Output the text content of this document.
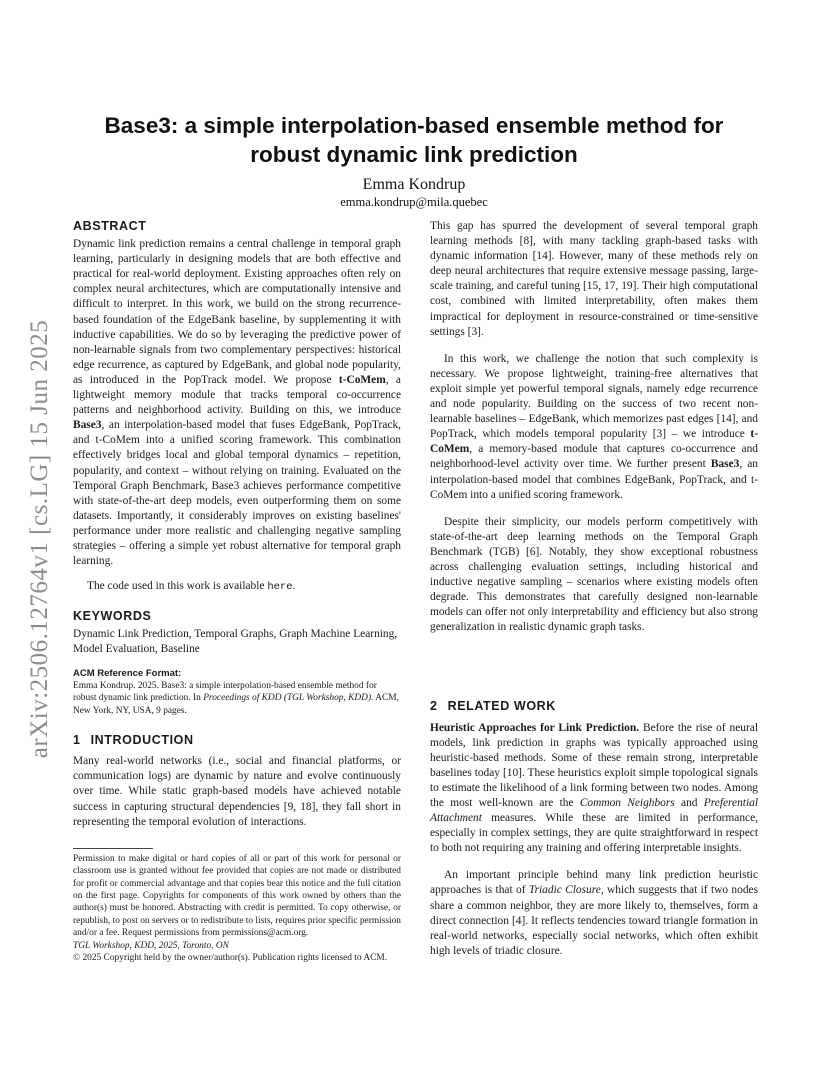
arXiv:2506.12764v1 [cs.LG] 15 Jun 2025
Base3: a simple interpolation-based ensemble method for robust dynamic link prediction
Emma Kondrup
emma.kondrup@mila.quebec
ABSTRACT

Dynamic link prediction remains a central challenge in temporal graph learning, particularly in designing models that are both effective and practical for real-world deployment. Existing approaches often rely on complex neural architectures, which are computationally intensive and difficult to interpret. In this work, we build on the strong recurrence-based foundation of the EdgeBank baseline, by supplementing it with inductive capabilities. We do so by leveraging the predictive power of non-learnable signals from two complementary perspectives: historical edge recurrence, as captured by EdgeBank, and global node popularity, as introduced in the PopTrack model. We propose t-CoMem, a lightweight memory module that tracks temporal co-occurrence patterns and neighborhood activity. Building on this, we introduce Base3, an interpolation-based model that fuses EdgeBank, PopTrack, and t-CoMem into a unified scoring framework. This combination effectively bridges local and global temporal dynamics – repetition, popularity, and context – without relying on training. Evaluated on the Temporal Graph Benchmark, Base3 achieves performance competitive with state-of-the-art deep models, even outperforming them on some datasets. Importantly, it considerably improves on existing baselines' performance under more realistic and challenging negative sampling strategies – offering a simple yet robust alternative for temporal graph learning.

The code used in this work is available here.

KEYWORDS

Dynamic Link Prediction, Temporal Graphs, Graph Machine Learning, Model Evaluation, Baseline

ACM Reference Format:

Emma Kondrup. 2025. Base3: a simple interpolation-based ensemble method for robust dynamic link prediction. In Proceedings of KDD (TGL Workshop, KDD). ACM, New York, NY, USA, 9 pages.

1 INTRODUCTION

Many real-world networks (i.e., social and financial platforms, or communication logs) are dynamic by nature and evolve continuously over time. While static graph-based models have achieved notable success in capturing structural dependencies [9, 18], they fall short in representing the temporal evolution of interactions.

Permission to make digital or hard copies of all or part of this work for personal or classroom use is granted without fee provided that copies are not made or distributed for profit or commercial advantage and that copies bear this notice and the full citation on the first page. Copyrights for components of this work owned by others than the author(s) must be honored. Abstracting with credit is permitted. To copy otherwise, or republish, to post on servers or to redistribute to lists, requires prior specific permission and/or a fee. Request permissions from permissions@acm.org.

TGL Workshop, KDD, 2025, Toronto, ON

© 2025 Copyright held by the owner/author(s). Publication rights licensed to ACM.

This gap has spurred the development of several temporal graph learning methods [8], with many tackling graph-based tasks with dynamic information [14]. However, many of these methods rely on deep neural architectures that require extensive message passing, large-scale training, and careful tuning [15, 17, 19]. Their high computational cost, combined with limited interpretability, often makes them impractical for deployment in resource-constrained or time-sensitive settings [3].

In this work, we challenge the notion that such complexity is necessary. We propose lightweight, training-free alternatives that exploit simple yet powerful temporal signals, namely edge recurrence and node popularity. Building on the success of two recent non-learnable baselines – EdgeBank, which memorizes past edges [14], and PopTrack, which models temporal popularity [3] – we introduce t-CoMem, a memory-based module that captures co-occurrence and neighborhood-level activity over time. We further present Base3, an interpolation-based model that combines EdgeBank, PopTrack, and t-CoMem into a unified scoring framework.

Despite their simplicity, our models perform competitively with state-of-the-art deep learning methods on the Temporal Graph Benchmark (TGB) [6]. Notably, they show exceptional robustness across challenging evaluation settings, including historical and inductive negative sampling – scenarios where existing models often degrade. This demonstrates that carefully designed non-learnable models can offer not only interpretability and efficiency but also strong generalization in realistic dynamic graph tasks.

2 RELATED WORK

Heuristic Approaches for Link Prediction. Before the rise of neural models, link prediction in graphs was typically approached using heuristic-based methods. Some of these remain strong, interpretable baselines today [10]. These heuristics exploit simple topological signals to estimate the likelihood of a link forming between two nodes. Among the most well-known are the Common Neighbors and Preferential Attachment measures. While these are limited in performance, especially in complex settings, they are quite straightforward in respect to both not requiring any training and offering interpretable insights.

An important principle behind many link prediction heuristic approaches is that of Triadic Closure, which suggests that if two nodes share a common neighbor, they are more likely to, themselves, form a direct connection [4]. It reflects tendencies toward triangle formation in real-world networks, especially social networks, which often exhibit high levels of triadic closure.
